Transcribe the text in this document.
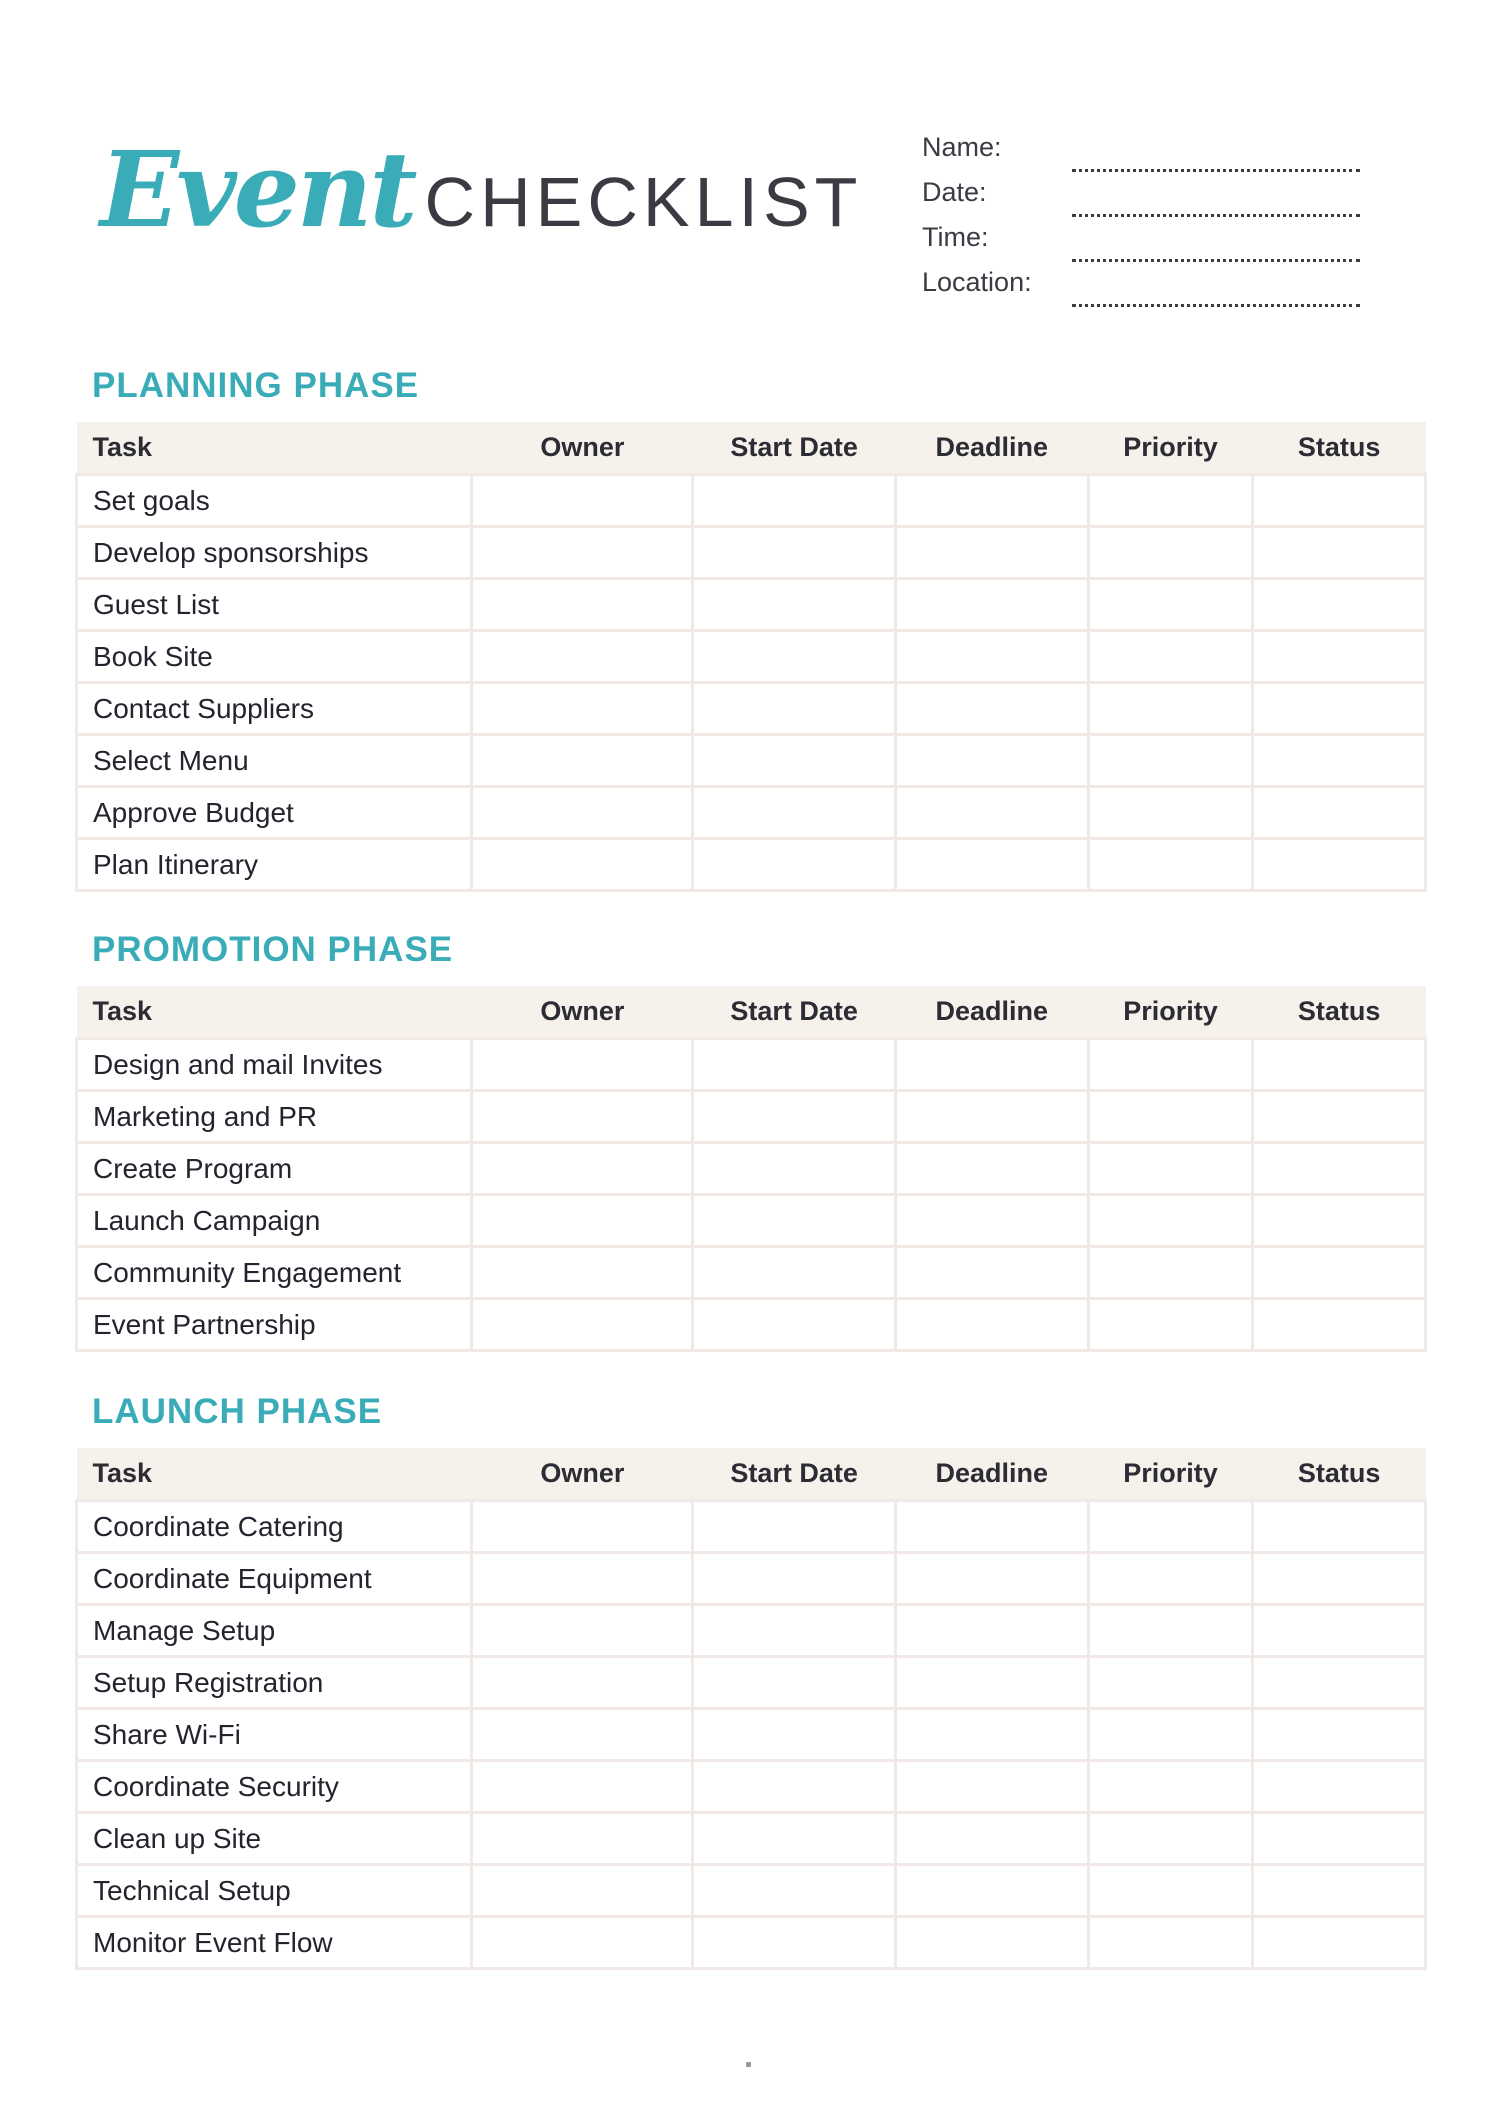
Event CHECKLIST
Name:
Date:
Time:
Location:
PLANNING PHASE
Task	Owner	Start Date	Deadline	Priority	Status
Set goals					
Develop sponsorships					
Guest List					
Book Site					
Contact Suppliers					
Select Menu					
Approve Budget					
Plan Itinerary					
PROMOTION PHASE
Task	Owner	Start Date	Deadline	Priority	Status
Design and mail Invites					
Marketing and PR					
Create Program					
Launch Campaign					
Community Engagement					
Event Partnership					
LAUNCH PHASE
Task	Owner	Start Date	Deadline	Priority	Status
Coordinate Catering					
Coordinate Equipment					
Manage Setup					
Setup Registration					
Share Wi-Fi					
Coordinate Security					
Clean up Site					
Technical Setup					
Monitor Event Flow					
